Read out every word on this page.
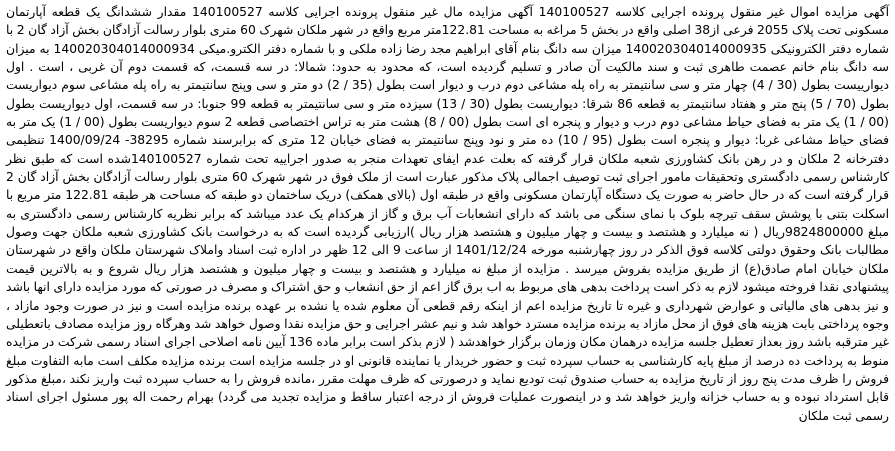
آگهی مزایده اموال غیر منقول پرونده اجرایی کلاسه 140100527 آگهی مزایده مال غیر منقول پرونده اجرایی کلاسه 140100527 مقدار ششدانگ یک قطعه آپارتمان مسکونی تحت پلاک 2055 فرعی از38 اصلی واقع در بخش 5 مراغه به مساحت 122.81متر مربع واقع در شهر ملکان شهرک 60 متری بلوار رسالت آزادگان بخش آزاد گان 2 با شماره دفتر الکترونیکی 140020304014000935 میزان سه دانگ بنام آقای ابراهیم مجد رضا زاده ملکی و با شماره دفتر الکترو.میکی 140020304014000934 به میزان سه دانگ بنام خانم عصمت طاهری ثبت و سند مالکیت آن صادر و تسلیم گردیده است، که محدود به حدود: شمالا: در سه قسمت، که قسمت دوم آن غربی ، است . اول دیوارییست بطول (30 / 4) چهار متر و سی سانتیمتر به راه پله مشاعی دوم درب و دیوار است بطول (35 / 2) دو متر و سی وپنج سانتیمتر به راه پله مشاعی سوم دیواریست بطول (70 / 5) پنج متر و هفتاد سانتیمتر به قطعه 86 شرقا: دیواریست بطول (30 / 13) سیزده متر و سی سانتیمتر به قطعه 99 جنوبا: در سه قسمت، اول دیواریست بطول (00 / 1) یک متر به فضای حیاط مشاعی دوم درب و دیوار و پنجره ای است بطول (00 / 8) هشت متر به تراس اختصاصی قطعه 2 سوم دیواریست بطول (00 / 1) یک متر به فضای حیاط مشاعی غربا: دیوار و پنجره است بطول (95 / 10) ده متر و نود وپنج سانتیمتر به فضای خیابان 12 متری که برابرسند شماره 38295- 1400/09/24 تنظیمی دفترخانه 2 ملکان و در رهن بانک کشاورزی شعبه ملکان قرار گرفته که بعلت عدم ایفای تعهدات منجر به صدور اجراییه تحت شماره 140100527شده است که طبق نظر کارشناس رسمی دادگستری وتحقیقات مامور اجرای ثبت توصیف اجمالی پلاک مذکور عبارت است از ملک فوق در شهر شهرک 60 متری بلوار رسالت آزادگان بخش آزاد گان 2 قرار گرفته است که در حال حاضر به صورت یک دستگاه آپارتمان مسکونی واقع در طبقه اول (بالای همکف) دریک ساختمان دو طبقه که مساحت هر طبقه 122.81 متر مربع با اسکلت بتنی با پوشش سقف تیرچه بلوک با نمای سنگی می باشد که دارای انشعابات آب برق و گاز از هرکدام یک عدد میباشد که برابر نظریه کارشناس رسمی دادگستری به مبلغ 9824800000ریال ( نه میلیارد و هشتصد و بیست و چهار میلیون و هشتصد هزار ریال )ارزیابی گردیده است که به درخواست بانک کشاورزی شعبه ملکان جهت وصول مطالبات بانک وحقوق دولتی کلاسه فوق الذکر در روز چهارشنبه مورخه 1401/12/24 از ساعت 9 الی 12 ظهر در اداره ثبت اسناد واملاک شهرستان ملکان واقع در شهرستان ملکان خیابان امام صادق(ع) از طریق مزایده بفروش میرسد . مزایده از مبلغ نه میلیارد و هشتصد و بیست و چهار میلیون و هشتصد هزار ریال شروع و به بالاترین قیمت پیشنهادی نقدا فروخته میشود لازم به ذکر است پرداخت بدهی های مربوط به اب برق گاز اعم از حق انشعاب و حق اشتراک و مصرف در صورتی که مورد مزایده دارای انها باشد و نیز بدهی های مالیاتی و عوارض شهرداری و غیره تا تاریخ مزایده اعم از اینکه رقم قطعی آن معلوم شده یا نشده بر عهده برنده مزایده است و نیز در صورت وجود مازاد ، وجوه پرداختی بابت هزینه های فوق از محل مازاد به برنده مزایده مسترد خواهد شد و نیم عشر اجرایی و حق مزایده نقدا وصول خواهد شد وهرگاه روز مزایده مصادف باتعطیلی غیر مترقبه باشد روز بعداز تعطیل جلسه مزایده درهمان مکان وزمان برگزار خواهدشد ( لازم بذکر است برابر ماده 136 آیین نامه اصلاحی اجرای اسناد رسمی شرکت در مزایده منوط به پرداخت ده درصد از مبلغ پایه کارشناسی به حساب سپرده ثبت و حضور خریدار یا نماینده قانونی او در جلسه مزایده است برنده مزایده مکلف است مابه التفاوت مبلغ فروش را ظرف مدت پنج روز از تاریخ مزایده به حساب صندوق ثبت تودیع نماید و درصورتی که ظرف مهلت مقرر ،مانده فروش را به حساب سپرده ثبت واریز نکند ،مبلغ مذکور قابل استرداد نبوده و به حساب خزانه واریز خواهد شد و در اینصورت عملیات فروش از درجه اعتبار ساقط و مزایده تجدید می گردد) بهرام رحمت اله پور مسئول اجرای اسناد رسمی ثبت ملکان
